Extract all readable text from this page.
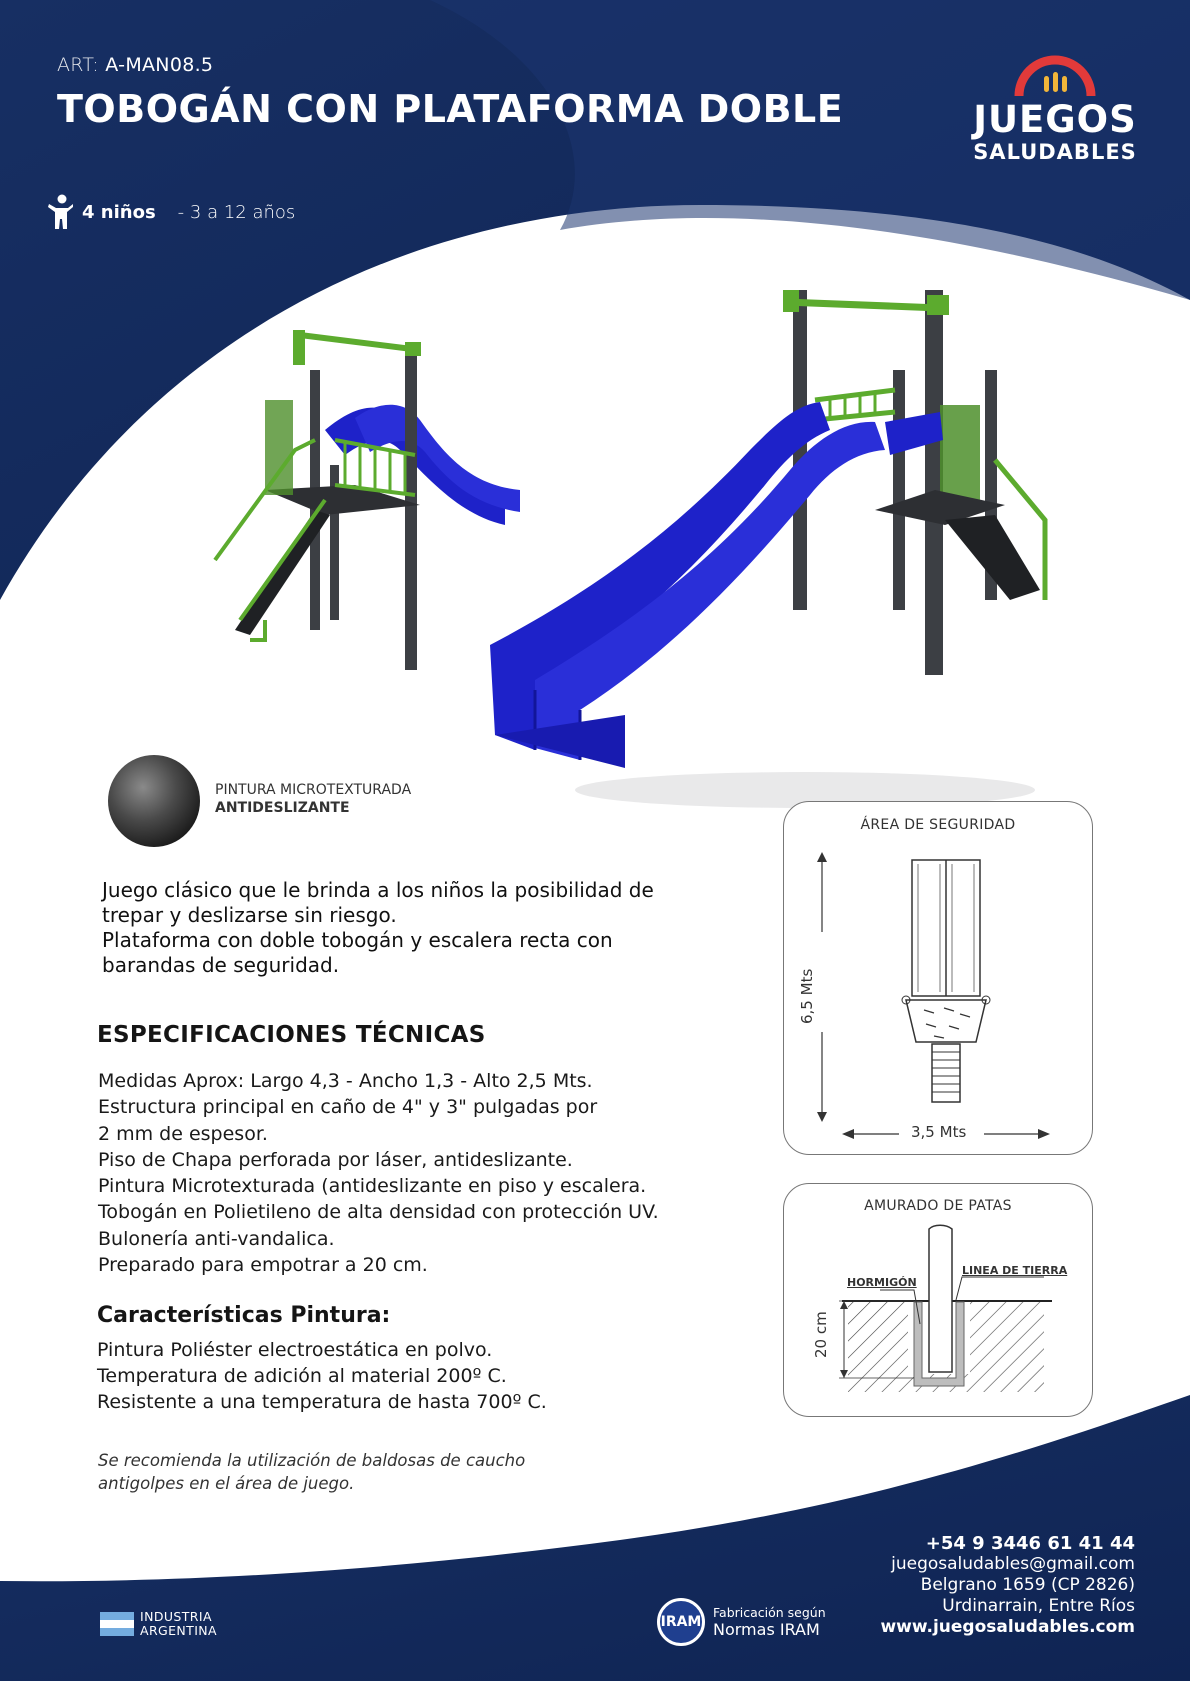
ART: A-MAN08.5
TOBOGÁN CON PLATAFORMA DOBLE
4 niños - 3 a 12 años
JUEGOS
SALUDABLES
PINTURA MICROTEXTURADA
ANTIDESLIZANTE

Juego clásico que le brinda a los niños la posibilidad de trepar y deslizarse sin riesgo.

Plataforma con doble tobogán y escalera recta con barandas de seguridad.

ESPECIFICACIONES TÉCNICAS
Medidas Aprox: Largo 4,3 - Ancho 1,3 - Alto 2,5 Mts.
Estructura principal en caño de 4" y 3" pulgadas por
2 mm de espesor.
Piso de Chapa perforada por láser, antideslizante.
Pintura Microtexturada (antideslizante en piso y escalera.
Tobogán en Polietileno de alta densidad con protección UV.
Bulonería anti-vandalica.
Preparado para empotrar a 20 cm.
Características Pintura:
Pintura Poliéster electroestática en polvo.
Temperatura de adición al material 200º C.
Resistente a una temperatura de hasta 700º C.
Se recomienda la utilización de baldosas de caucho
antigolpes en el área de juego.
ÁREA DE SEGURIDAD
6,5 Mts
3,5 Mts
AMURADO DE PATAS
HORMIGÓN
LINEA DE TIERRA
20 cm
+54 9 3446 61 41 44
juegosaludables@gmail.com
Belgrano 1659 (CP 2826)
Urdinarrain, Entre Ríos
www.juegosaludables.com
INDUSTRIA
ARGENTINA
IRAM
Fabricación según
Normas IRAM
